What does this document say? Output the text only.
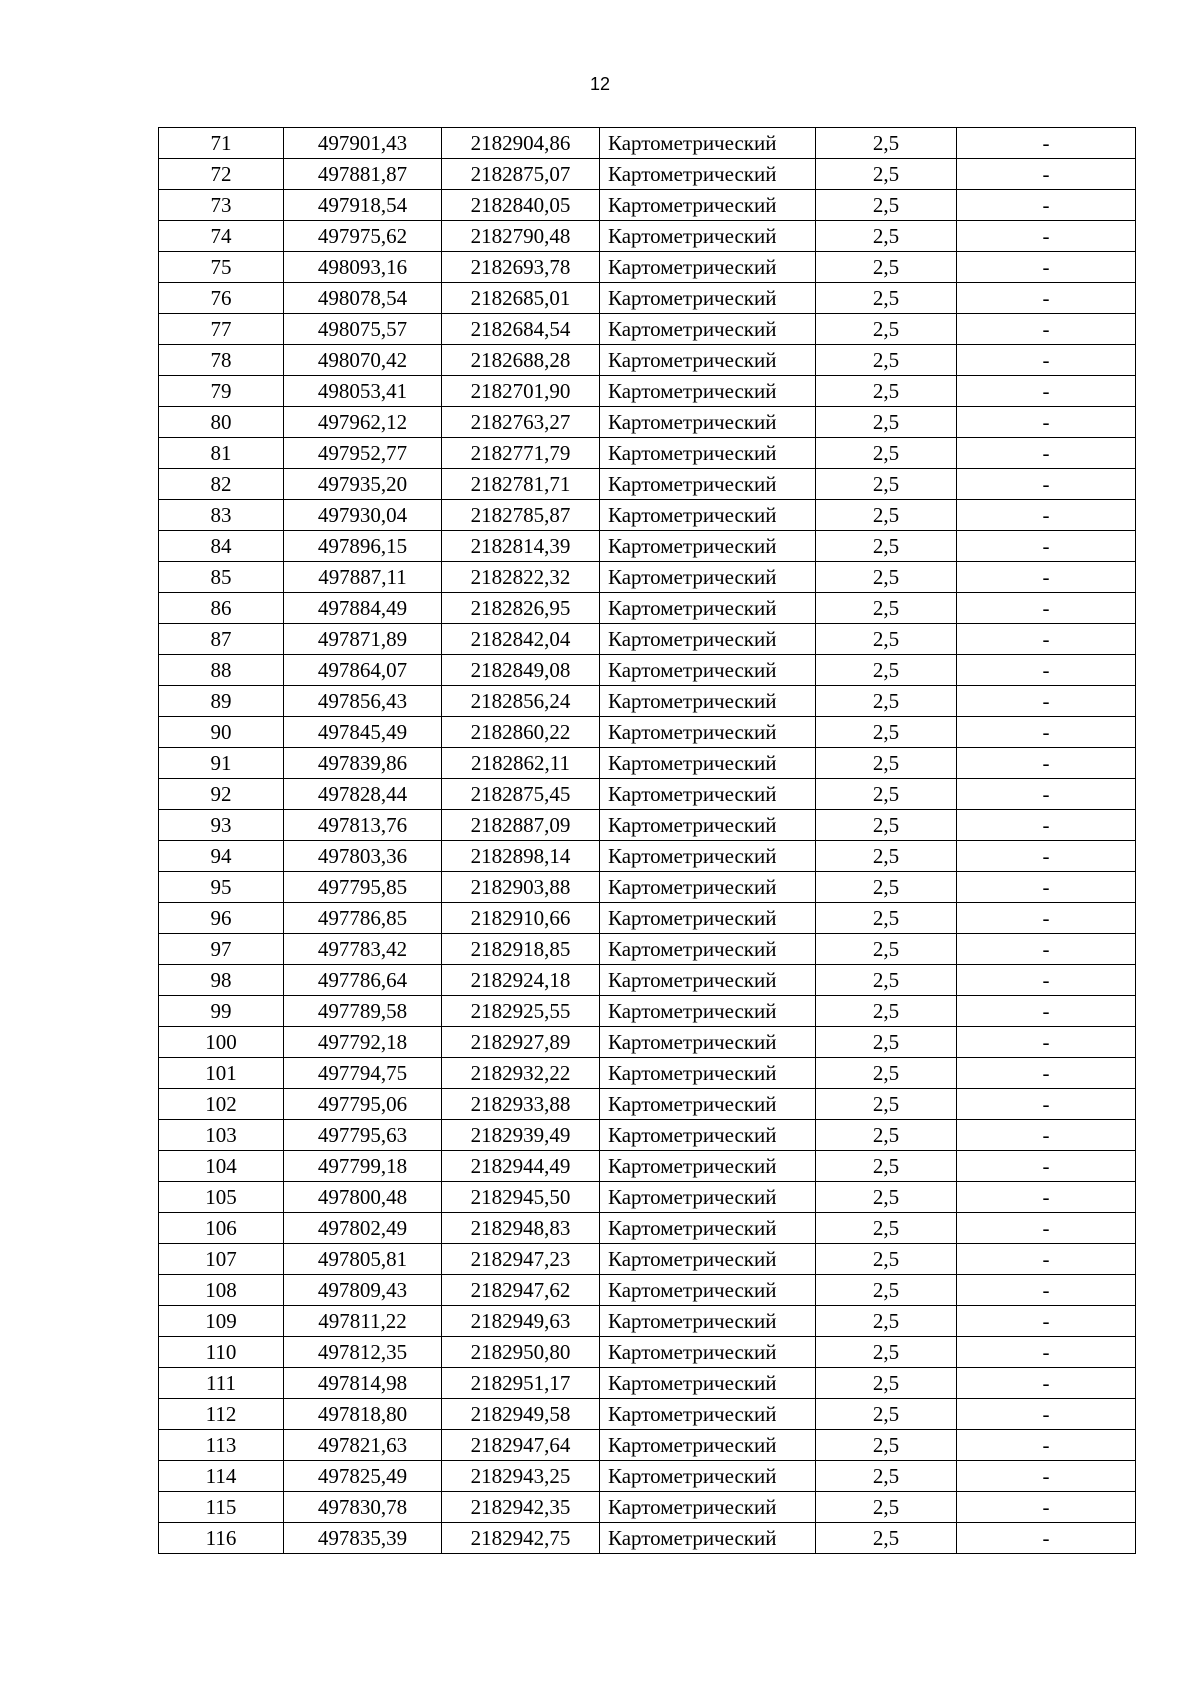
12
71	497901,43	2182904,86	Картометрический	2,5	-
72	497881,87	2182875,07	Картометрический	2,5	-
73	497918,54	2182840,05	Картометрический	2,5	-
74	497975,62	2182790,48	Картометрический	2,5	-
75	498093,16	2182693,78	Картометрический	2,5	-
76	498078,54	2182685,01	Картометрический	2,5	-
77	498075,57	2182684,54	Картометрический	2,5	-
78	498070,42	2182688,28	Картометрический	2,5	-
79	498053,41	2182701,90	Картометрический	2,5	-
80	497962,12	2182763,27	Картометрический	2,5	-
81	497952,77	2182771,79	Картометрический	2,5	-
82	497935,20	2182781,71	Картометрический	2,5	-
83	497930,04	2182785,87	Картометрический	2,5	-
84	497896,15	2182814,39	Картометрический	2,5	-
85	497887,11	2182822,32	Картометрический	2,5	-
86	497884,49	2182826,95	Картометрический	2,5	-
87	497871,89	2182842,04	Картометрический	2,5	-
88	497864,07	2182849,08	Картометрический	2,5	-
89	497856,43	2182856,24	Картометрический	2,5	-
90	497845,49	2182860,22	Картометрический	2,5	-
91	497839,86	2182862,11	Картометрический	2,5	-
92	497828,44	2182875,45	Картометрический	2,5	-
93	497813,76	2182887,09	Картометрический	2,5	-
94	497803,36	2182898,14	Картометрический	2,5	-
95	497795,85	2182903,88	Картометрический	2,5	-
96	497786,85	2182910,66	Картометрический	2,5	-
97	497783,42	2182918,85	Картометрический	2,5	-
98	497786,64	2182924,18	Картометрический	2,5	-
99	497789,58	2182925,55	Картометрический	2,5	-
100	497792,18	2182927,89	Картометрический	2,5	-
101	497794,75	2182932,22	Картометрический	2,5	-
102	497795,06	2182933,88	Картометрический	2,5	-
103	497795,63	2182939,49	Картометрический	2,5	-
104	497799,18	2182944,49	Картометрический	2,5	-
105	497800,48	2182945,50	Картометрический	2,5	-
106	497802,49	2182948,83	Картометрический	2,5	-
107	497805,81	2182947,23	Картометрический	2,5	-
108	497809,43	2182947,62	Картометрический	2,5	-
109	497811,22	2182949,63	Картометрический	2,5	-
110	497812,35	2182950,80	Картометрический	2,5	-
111	497814,98	2182951,17	Картометрический	2,5	-
112	497818,80	2182949,58	Картометрический	2,5	-
113	497821,63	2182947,64	Картометрический	2,5	-
114	497825,49	2182943,25	Картометрический	2,5	-
115	497830,78	2182942,35	Картометрический	2,5	-
116	497835,39	2182942,75	Картометрический	2,5	-
